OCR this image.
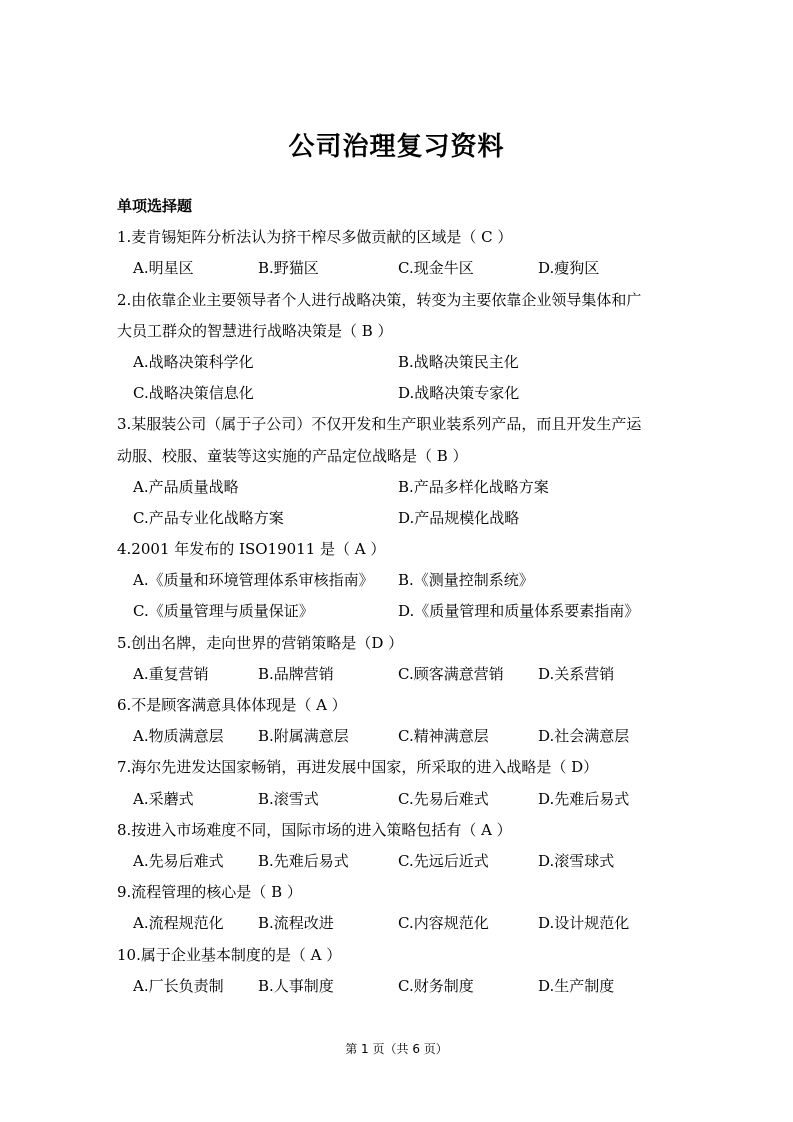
公司治理复习资料
单项选择题
1.麦肯锡矩阵分析法认为挤干榨尽多做贡献的区域是（ C ）
A.明星区	B.野猫区	C.现金牛区	D.瘦狗区
2.由依靠企业主要领导者个人进行战略决策，转变为主要依靠企业领导集体和广
大员工群众的智慧进行战略决策是（ B ）
A.战略决策科学化	B.战略决策民主化
C.战略决策信息化	D.战略决策专家化
3.某服装公司（属于子公司）不仅开发和生产职业装系列产品，而且开发生产运
动服、校服、童装等这实施的产品定位战略是（ B ）
A.产品质量战略	B.产品多样化战略方案
C.产品专业化战略方案	D.产品规模化战略
4.2001 年发布的 ISO19011 是（ A ）
A.《质量和环境管理体系审核指南》 B.《测量控制系统》
C.《质量管理与质量保证》	D.《质量管理和质量体系要素指南》
5.创出名牌，走向世界的营销策略是（D ）
A.重复营销	B.品牌营销	C.顾客满意营销 D.关系营销
6.不是顾客满意具体体现是（ A ）
A.物质满意层 B.附属满意层	C.精神满意层	D.社会满意层
7.海尔先进发达国家畅销，再进发展中国家，所采取的进入战略是（ D）
A.采蘑式	B.滚雪式	C.先易后难式	D.先难后易式
8.按进入市场难度不同，国际市场的进入策略包括有（ A ）
A.先易后难式 B.先难后易式	C.先远后近式	D.滚雪球式
9.流程管理的核心是（ B ）
A.流程规范化 B.流程改进	C.内容规范化	D.设计规范化
10.属于企业基本制度的是（ A ）
A.厂长负责制 B.人事制度	C.财务制度	D.生产制度
第 1 页（共 6 页）
